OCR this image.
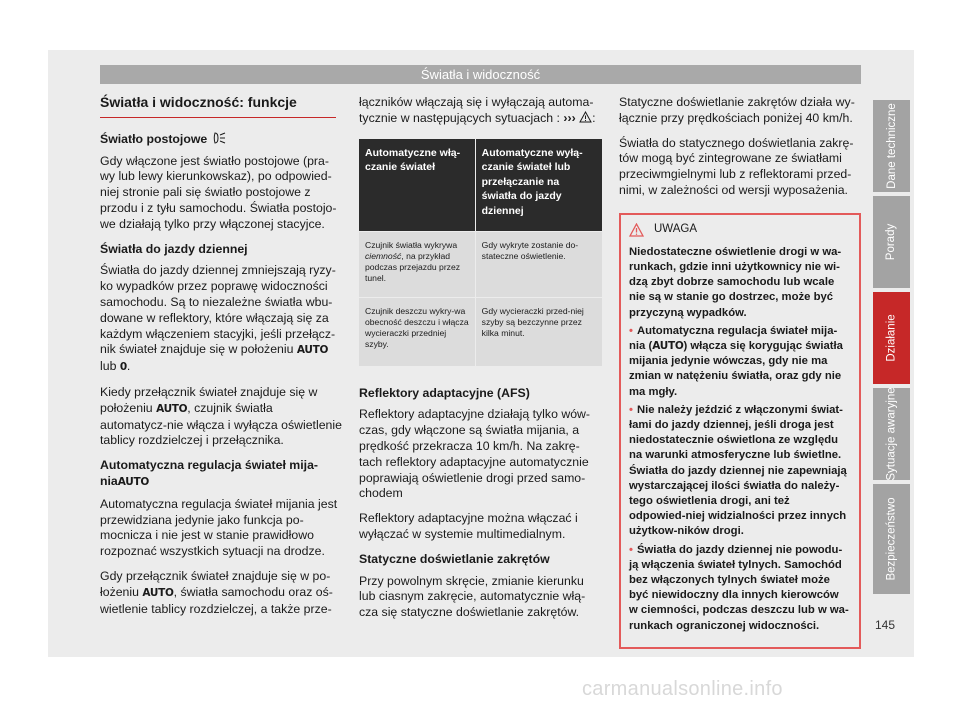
Światła i widoczność
Światła i widoczność: funkcje
Światło postojowe

Gdy włączone jest światło postojowe (pra-wy lub lewy kierunkowskaz), po odpowied-niej stronie pali się światło postojowe z przodu i z tyłu samochodu. Światła postojo-we działają tylko przy włączonej stacyjce.

Światła do jazdy dziennej

Światła do jazdy dziennej zmniejszają ryzy-ko wypadków przez poprawę widoczności samochodu. Są to niezależne światła wbu-dowane w reflektory, które włączają się za każdym włączeniem stacyjki, jeśli przełącz-nik świateł znajduje się w położeniu AUTO lub 0.

Kiedy przełącznik świateł znajduje się w położeniu AUTO, czujnik światła automatycz-nie włącza i wyłącza oświetlenie tablicy rozdzielczej i przełącznika.

Automatyczna regulacja świateł mija-niaAUTO

Automatyczna regulacja świateł mijania jest przewidziana jedynie jako funkcja po-mocnicza i nie jest w stanie prawidłowo rozpoznać wszystkich sytuacji na drodze.

Gdy przełącznik świateł znajduje się w po-łożeniu AUTO, światła samochodu oraz oś-wietlenie tablicy rozdzielczej, a także prze-

łączników włączają się i wyłączają automa-tycznie w następujących sytuacjach : ››› :

Automatyczne włą-czanie świateł	Automatyczne wyłą-czanie świateł lub przełączanie na światła do jazdy dziennej
Czujnik światła wykrywa ciemność, na przykład podczas przejazdu przez tunel.	Gdy wykryte zostanie do-stateczne oświetlenie.
Czujnik deszczu wykry-wa obecność deszczu i włącza wycieraczki przedniej szyby.	Gdy wycieraczki przed-niej szyby są bezczynne przez kilka minut.
Reflektory adaptacyjne (AFS)

Reflektory adaptacyjne działają tylko wów-czas, gdy włączone są światła mijania, a prędkość przekracza 10 km/h. Na zakrę-tach reflektory adaptacyjne automatycznie poprawiają oświetlenie drogi przed samo-chodem

Reflektory adaptacyjne można włączać i wyłączać w systemie multimedialnym.

Statyczne doświetlanie zakrętów

Przy powolnym skręcie, zmianie kierunku lub ciasnym zakręcie, automatycznie włą-cza się statyczne doświetlanie zakrętów.

Statyczne doświetlanie zakrętów działa wy-łącznie przy prędkościach poniżej 40 km/h.

Światła do statycznego doświetlania zakrę-tów mogą być zintegrowane ze światłami przeciwmgielnymi lub z reflektorami przed-nimi, w zależności od wersji wyposażenia.

UWAGA

Niedostateczne oświetlenie drogi w wa-runkach, gdzie inni użytkownicy nie wi-dzą zbyt dobrze samochodu lub wcale nie są w stanie go dostrzec, może być przyczyną wypadków.

• Automatyczna regulacja świateł mija-nia (AUTO) włącza się korygując światła mijania jedynie wówczas, gdy nie ma zmian w natężeniu światła, oraz gdy nie ma mgły.

• Nie należy jeździć z włączonymi świat-łami do jazdy dziennej, jeśli droga jest niedostatecznie oświetlona ze względu na warunki atmosferyczne lub świetlne. Światła do jazdy dziennej nie zapewniają wystarczającej ilości światła do należy-tego oświetlenia drogi, ani też odpowied-niej widzialności przez innych użytkow-ników drogi.

• Światła do jazdy dziennej nie powodu-ją włączenia świateł tylnych. Samochód bez włączonych tylnych świateł może być niewidoczny dla innych kierowców w ciemności, podczas deszczu lub w wa-runkach ograniczonej widoczności.

Dane techniczne
Porady
Działanie
Sytuacje awaryjne
Bezpieczeństwo
145
carmanualsonline.info
